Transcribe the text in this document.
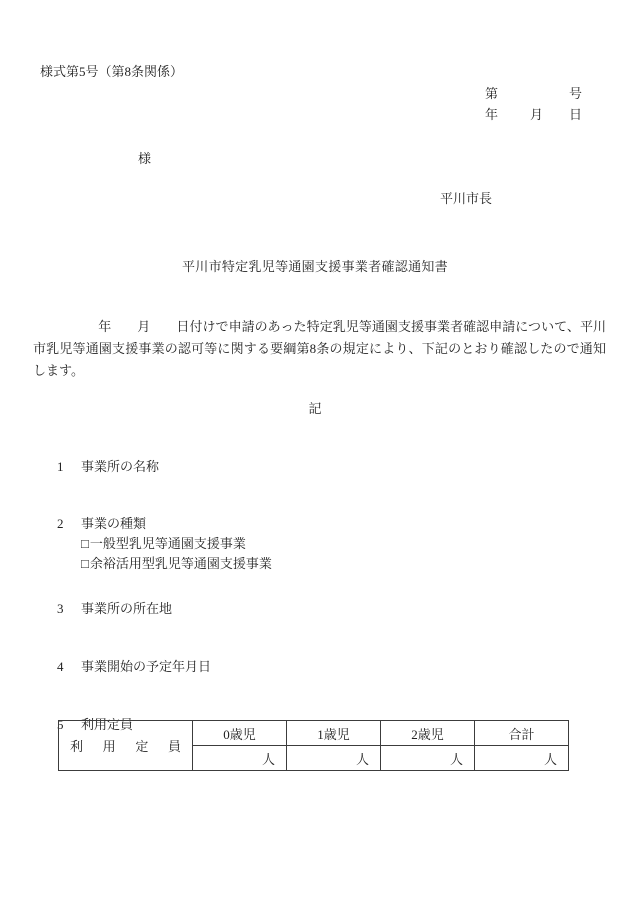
様式第5号（第8条関係）
第	号
年 月 日
様
平川市長
平川市特定乳児等通園支援事業者確認通知書
　　　　　年　　月　　日付けで申請のあった特定乳児等通園支援事業者確認申請について、平川
市乳児等通園支援事業の認可等に関する要綱第8条の規定により、下記のとおり確認したので通知
します。
記

1 事業所の名称

2 事業の種類

□一般型乳児等通園支援事業

□余裕活用型乳児等通園支援事業

3 事業所の所在地

4 事業開始の予定年月日

5 利用定員

利 用 定 員	0歳児	1歳児	2歳児	合計
	人	人	人	人
